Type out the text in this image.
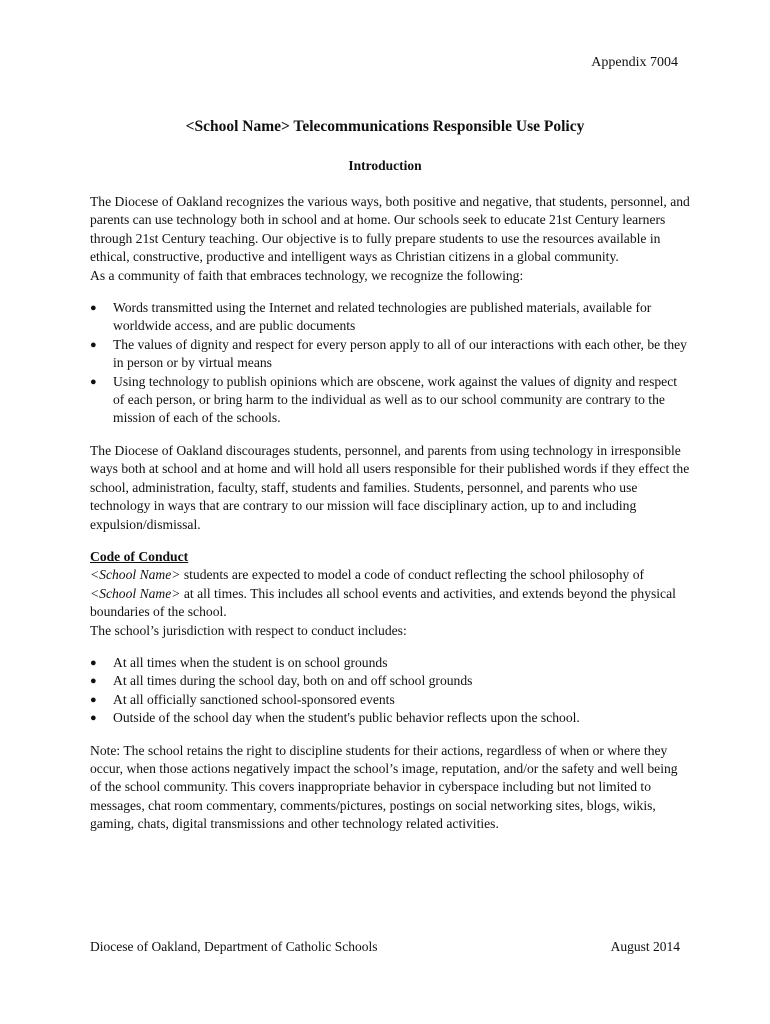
Appendix 7004
<School Name> Telecommunications Responsible Use Policy
Introduction

The Diocese of Oakland recognizes the various ways, both positive and negative, that students, personnel, and parents can use technology both in school and at home. Our schools seek to educate 21st Century learners through 21st Century teaching. Our objective is to fully prepare students to use the resources available in ethical, constructive, productive and intelligent ways as Christian citizens in a global community.

As a community of faith that embraces technology, we recognize the following:

● Words transmitted using the Internet and related technologies are published materials, available for worldwide access, and are public documents
● The values of dignity and respect for every person apply to all of our interactions with each other, be they in person or by virtual means
● Using technology to publish opinions which are obscene, work against the values of dignity and respect of each person, or bring harm to the individual as well as to our school community are contrary to the mission of each of the schools.

The Diocese of Oakland discourages students, personnel, and parents from using technology in irresponsible ways both at school and at home and will hold all users responsible for their published words if they effect the school, administration, faculty, staff, students and families. Students, personnel, and parents who use technology in ways that are contrary to our mission will face disciplinary action, up to and including expulsion/dismissal.

Code of Conduct

<School Name> students are expected to model a code of conduct reflecting the school philosophy of <School Name> at all times. This includes all school events and activities, and extends beyond the physical boundaries of the school.

The school’s jurisdiction with respect to conduct includes:

● At all times when the student is on school grounds
● At all times during the school day, both on and off school grounds
● At all officially sanctioned school-sponsored events
● Outside of the school day when the student's public behavior reflects upon the school.

Note: The school retains the right to discipline students for their actions, regardless of when or where they occur, when those actions negatively impact the school’s image, reputation, and/or the safety and well being of the school community. This covers inappropriate behavior in cyberspace including but not limited to messages, chat room commentary, comments/pictures, postings on social networking sites, blogs, wikis,

gaming, chats, digital transmissions and other technology related activities.

Diocese of Oakland, Department of Catholic Schools	August 2014
